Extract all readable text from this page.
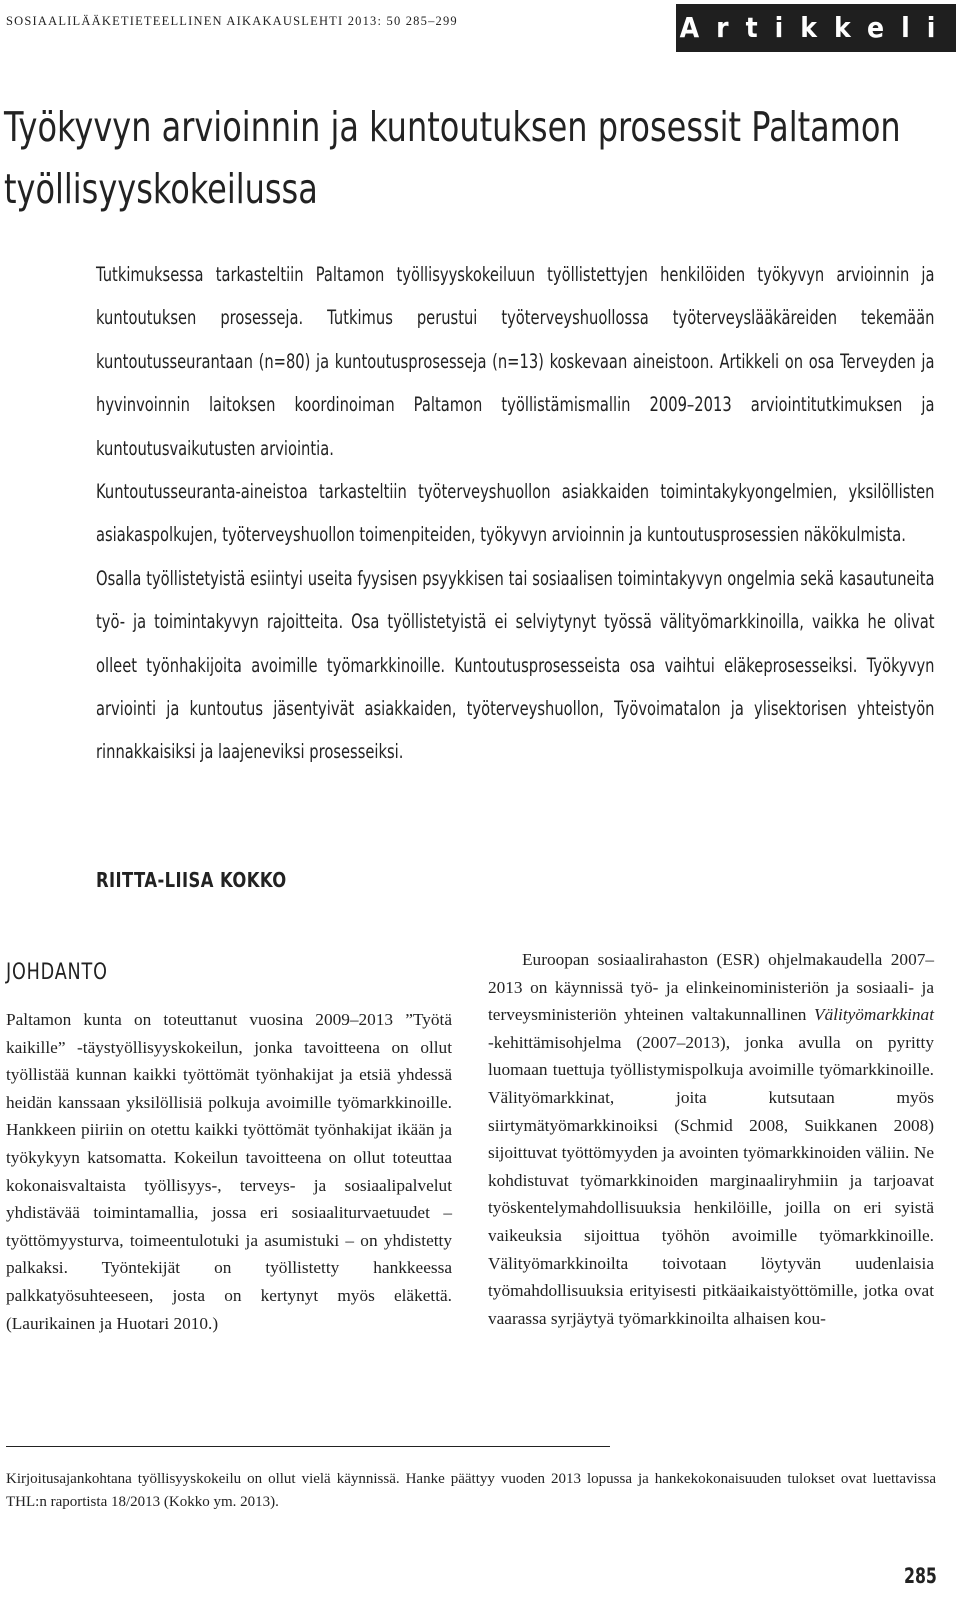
SOSIAALILÄÄKETIETEELLINEN AIKAKAUSLEHTI 2013: 50 285–299	Artikkeli
Työkyvyn arvioinnin ja kuntoutuksen prosessit Paltamon työllisyyskokeilussa

Tutkimuksessa tarkasteltiin Paltamon työllisyyskokeiluun työllistettyjen henkilöiden työkyvyn arvioinnin ja kuntoutuksen prosesseja. Tutkimus perustui työterveyshuollossa työterveyslääkäreiden tekemään kuntoutusseurantaan (n=80) ja kuntoutusprosesseja (n=13) koskevaan aineistoon. Artikkeli on osa Terveyden ja hyvinvoinnin laitoksen koordinoiman Paltamon työllistämismallin 2009–2013 arviointitutkimuksen ja kuntoutusvaikutusten arviointia.

Kuntoutusseuranta-aineistoa tarkasteltiin työterveyshuollon asiakkaiden toimintakykyongelmien, yksilöllisten asiakaspolkujen, työterveyshuollon toimenpiteiden, työkyvyn arvioinnin ja kuntoutusprosessien näkökulmista.

Osalla työllistetyistä esiintyi useita fyysisen psyykkisen tai sosiaalisen toimintakyvyn ongelmia sekä kasautuneita työ- ja toimintakyvyn rajoitteita. Osa työllistetyistä ei selviytynyt työssä välityömarkkinoilla, vaikka he olivat olleet työnhakijoita avoimille työmarkkinoille. Kuntoutusprosesseista osa vaihtui eläkeprosesseiksi. Työkyvyn arviointi ja kuntoutus jäsentyivät asiakkaiden, työterveyshuollon, Työvoimatalon ja ylisektorisen yhteistyön rinnakkaisiksi ja laajeneviksi prosesseiksi.

RIITTA-LIISA KOKKO
JOHDANTO

Paltamon kunta on toteuttanut vuosina 2009–2013 ”Työtä kaikille” -täystyöllisyyskokeilun, jonka tavoitteena on ollut työllistää kunnan kaikki työttömät työnhakijat ja etsiä yhdessä heidän kanssaan yksilöllisiä polkuja avoimille työmarkkinoille. Hankkeen piiriin on otettu kaikki työttömät työnhakijat ikään ja työkykyyn katsomatta. Kokeilun tavoitteena on ollut toteuttaa kokonaisvaltaista työllisyys-, terveys- ja sosiaalipalvelut yhdistävää toimintamallia, jossa eri sosiaaliturvaetuudet – työttömyysturva, toimeentulotuki ja asumistuki – on yhdistetty palkaksi. Työntekijät on työllistetty hankkeessa palkkatyösuhteeseen, josta on kertynyt myös eläkettä. (Laurikainen ja Huotari 2010.)

Euroopan sosiaalirahaston (ESR) ohjelmakaudella 2007–2013 on käynnissä työ- ja elinkeinoministeriön ja sosiaali- ja terveysministeriön yhteinen valtakunnallinen Välityömarkkinat -kehittämisohjelma (2007–2013), jonka avulla on pyritty luomaan tuettuja työllistymispolkuja avoimille työmarkkinoille. Välityömarkkinat, joita kutsutaan myös siirtymätyömarkkinoiksi (Schmid 2008, Suikkanen 2008) sijoittuvat työttömyyden ja avointen työmarkkinoiden väliin. Ne kohdistuvat työmarkkinoiden marginaaliryhmiin ja tarjoavat työskentelymahdollisuuksia henkilöille, joilla on eri syistä vaikeuksia sijoittua työhön avoimille työmarkkinoille. Välityömarkkinoilta toivotaan löytyvän uudenlaisia työmahdollisuuksia erityisesti pitkäaikaistyöttömille, jotka ovat vaarassa syrjäytyä työmarkkinoilta alhaisen kou-

Kirjoitusajankohtana työllisyyskokeilu on ollut vielä käynnissä. Hanke päättyy vuoden 2013 lopussa ja hankekokonaisuuden tulokset ovat luettavissa THL:n raportista 18/2013 (Kokko ym. 2013).

285
